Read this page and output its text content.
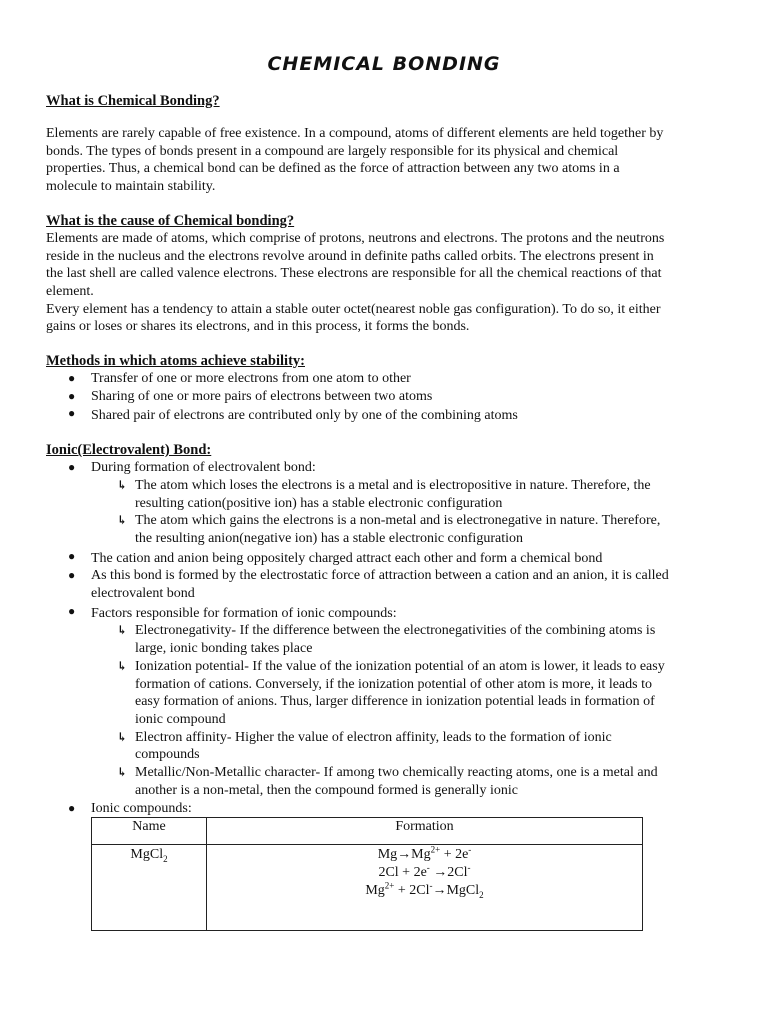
CHEMICAL BONDING
What is Chemical Bonding?

Elements are rarely capable of free existence. In a compound, atoms of different elements are held together by
bonds. The types of bonds present in a compound are largely responsible for its physical and chemical
properties. Thus, a chemical bond can be defined as the force of attraction between any two atoms in a
molecule to maintain stability.

What is the cause of Chemical bonding?

Elements are made of atoms, which comprise of protons, neutrons and electrons. The protons and the neutrons
reside in the nucleus and the electrons revolve around in definite paths called orbits. The electrons present in
the last shell are called valence electrons. These electrons are responsible for all the chemical reactions of that
element.
Every element has a tendency to attain a stable outer octet(nearest noble gas configuration). To do so, it either
gains or loses or shares its electrons, and in this process, it forms the bonds.

Methods in which atoms achieve stability:
● Transfer of one or more electrons from one atom to other
● Sharing of one or more pairs of electrons between two atoms
● Shared pair of electrons are contributed only by one of the combining atoms
Ionic(Electrovalent) Bond:
● During formation of electrovalent bond:
↳ The atom which loses the electrons is a metal and is electropositive in nature. Therefore, the
resulting cation(positive ion) has a stable electronic configuration
↳ The atom which gains the electrons is a non-metal and is electronegative in nature. Therefore,
the resulting anion(negative ion) has a stable electronic configuration
● The cation and anion being oppositely charged attract each other and form a chemical bond
● As this bond is formed by the electrostatic force of attraction between a cation and an anion, it is called
electrovalent bond
● Factors responsible for formation of ionic compounds:
↳ Electronegativity- If the difference between the electronegativities of the combining atoms is
large, ionic bonding takes place
↳ Ionization potential- If the value of the ionization potential of an atom is lower, it leads to easy
formation of cations. Conversely, if the ionization potential of other atom is more, it leads to
easy formation of anions. Thus, larger difference in ionization potential leads in formation of
ionic compound
↳ Electron affinity- Higher the value of electron affinity, leads to the formation of ionic
compounds
↳ Metallic/Non-Metallic character- If among two chemically reacting atoms, one is a metal and
another is a non-metal, then the compound formed is generally ionic
● Ionic compounds:
Name	Formation
MgCl$_2$	$Mg\to Mg^{2+} + 2e^-$
2Cl + 2e- →2Cl-
$Mg^{2+}$ + 2Cl-→MgCl$_2$
